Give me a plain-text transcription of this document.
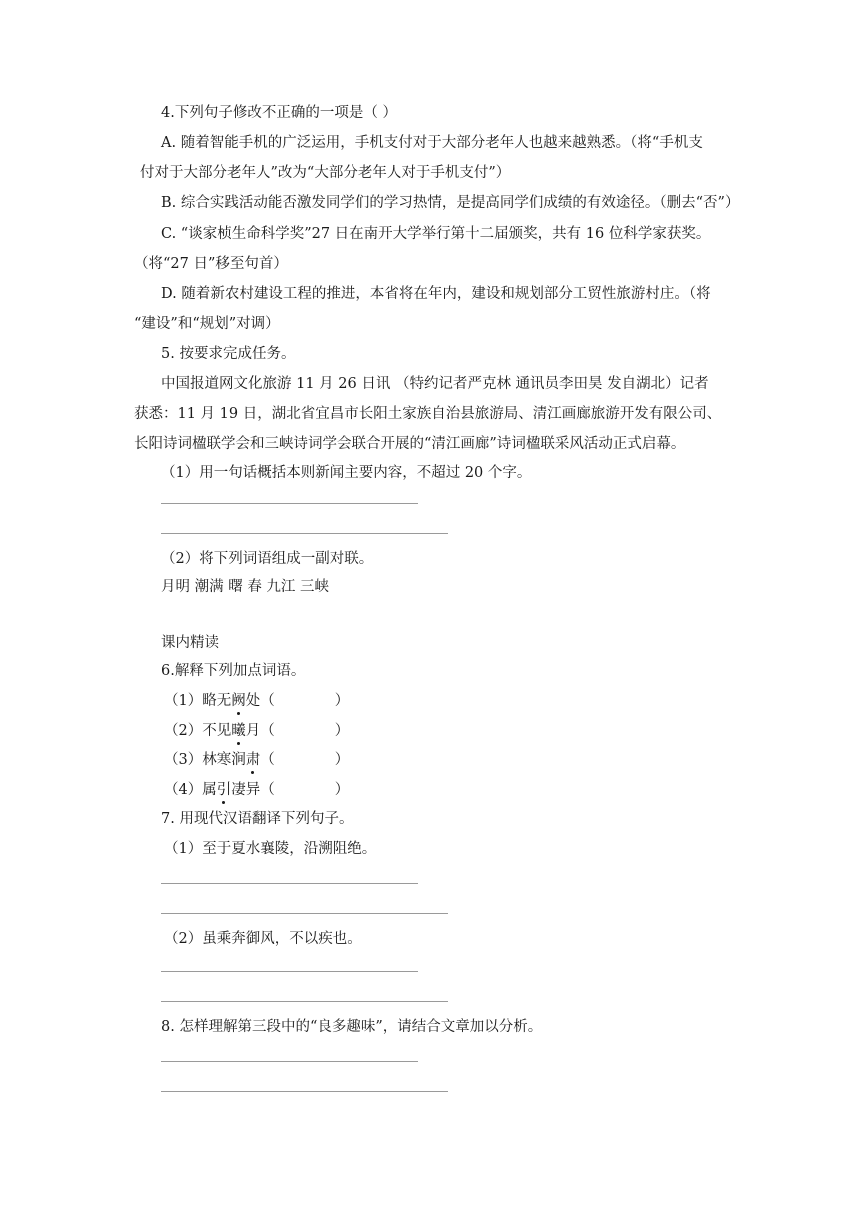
4.下列句子修改不正确的一项是（ ）
A. 随着智能手机的广泛运用，手机支付对于大部分老年人也越来越熟悉。（将“手机支
付对于大部分老年人”改为“大部分老年人对于手机支付”）
B. 综合实践活动能否激发同学们的学习热情，是提高同学们成绩的有效途径。（删去“否”）
C. “谈家桢生命科学奖”27 日在南开大学举行第十二届颁奖，共有 16 位科学家获奖。
（将“27 日”移至句首）
D. 随着新农村建设工程的推进，本省将在年内，建设和规划部分工贸性旅游村庄。（将
“建设”和“规划”对调）
5. 按要求完成任务。
中国报道网文化旅游 11 月 26 日讯 （特约记者严克林 通讯员李田昊 发自湖北）记者
获悉：11 月 19 日，湖北省宜昌市长阳土家族自治县旅游局、清江画廊旅游开发有限公司、
长阳诗词楹联学会和三峡诗词学会联合开展的“清江画廊”诗词楹联采风活动正式启幕。
（1）用一句话概括本则新闻主要内容，不超过 20 个字。
（2）将下列词语组成一副对联。
月明 潮满 曙 春 九江 三峡
课内精读
6.解释下列加点词语。
（1）略无阙处（	）
（2）不见曦月（	）
（3）林寒涧肃（	）
（4）属引凄异（	）
7. 用现代汉语翻译下列句子。
（1）至于夏水襄陵，沿溯阻绝。
（2）虽乘奔御风，不以疾也。
8. 怎样理解第三段中的“良多趣味”，请结合文章加以分析。
